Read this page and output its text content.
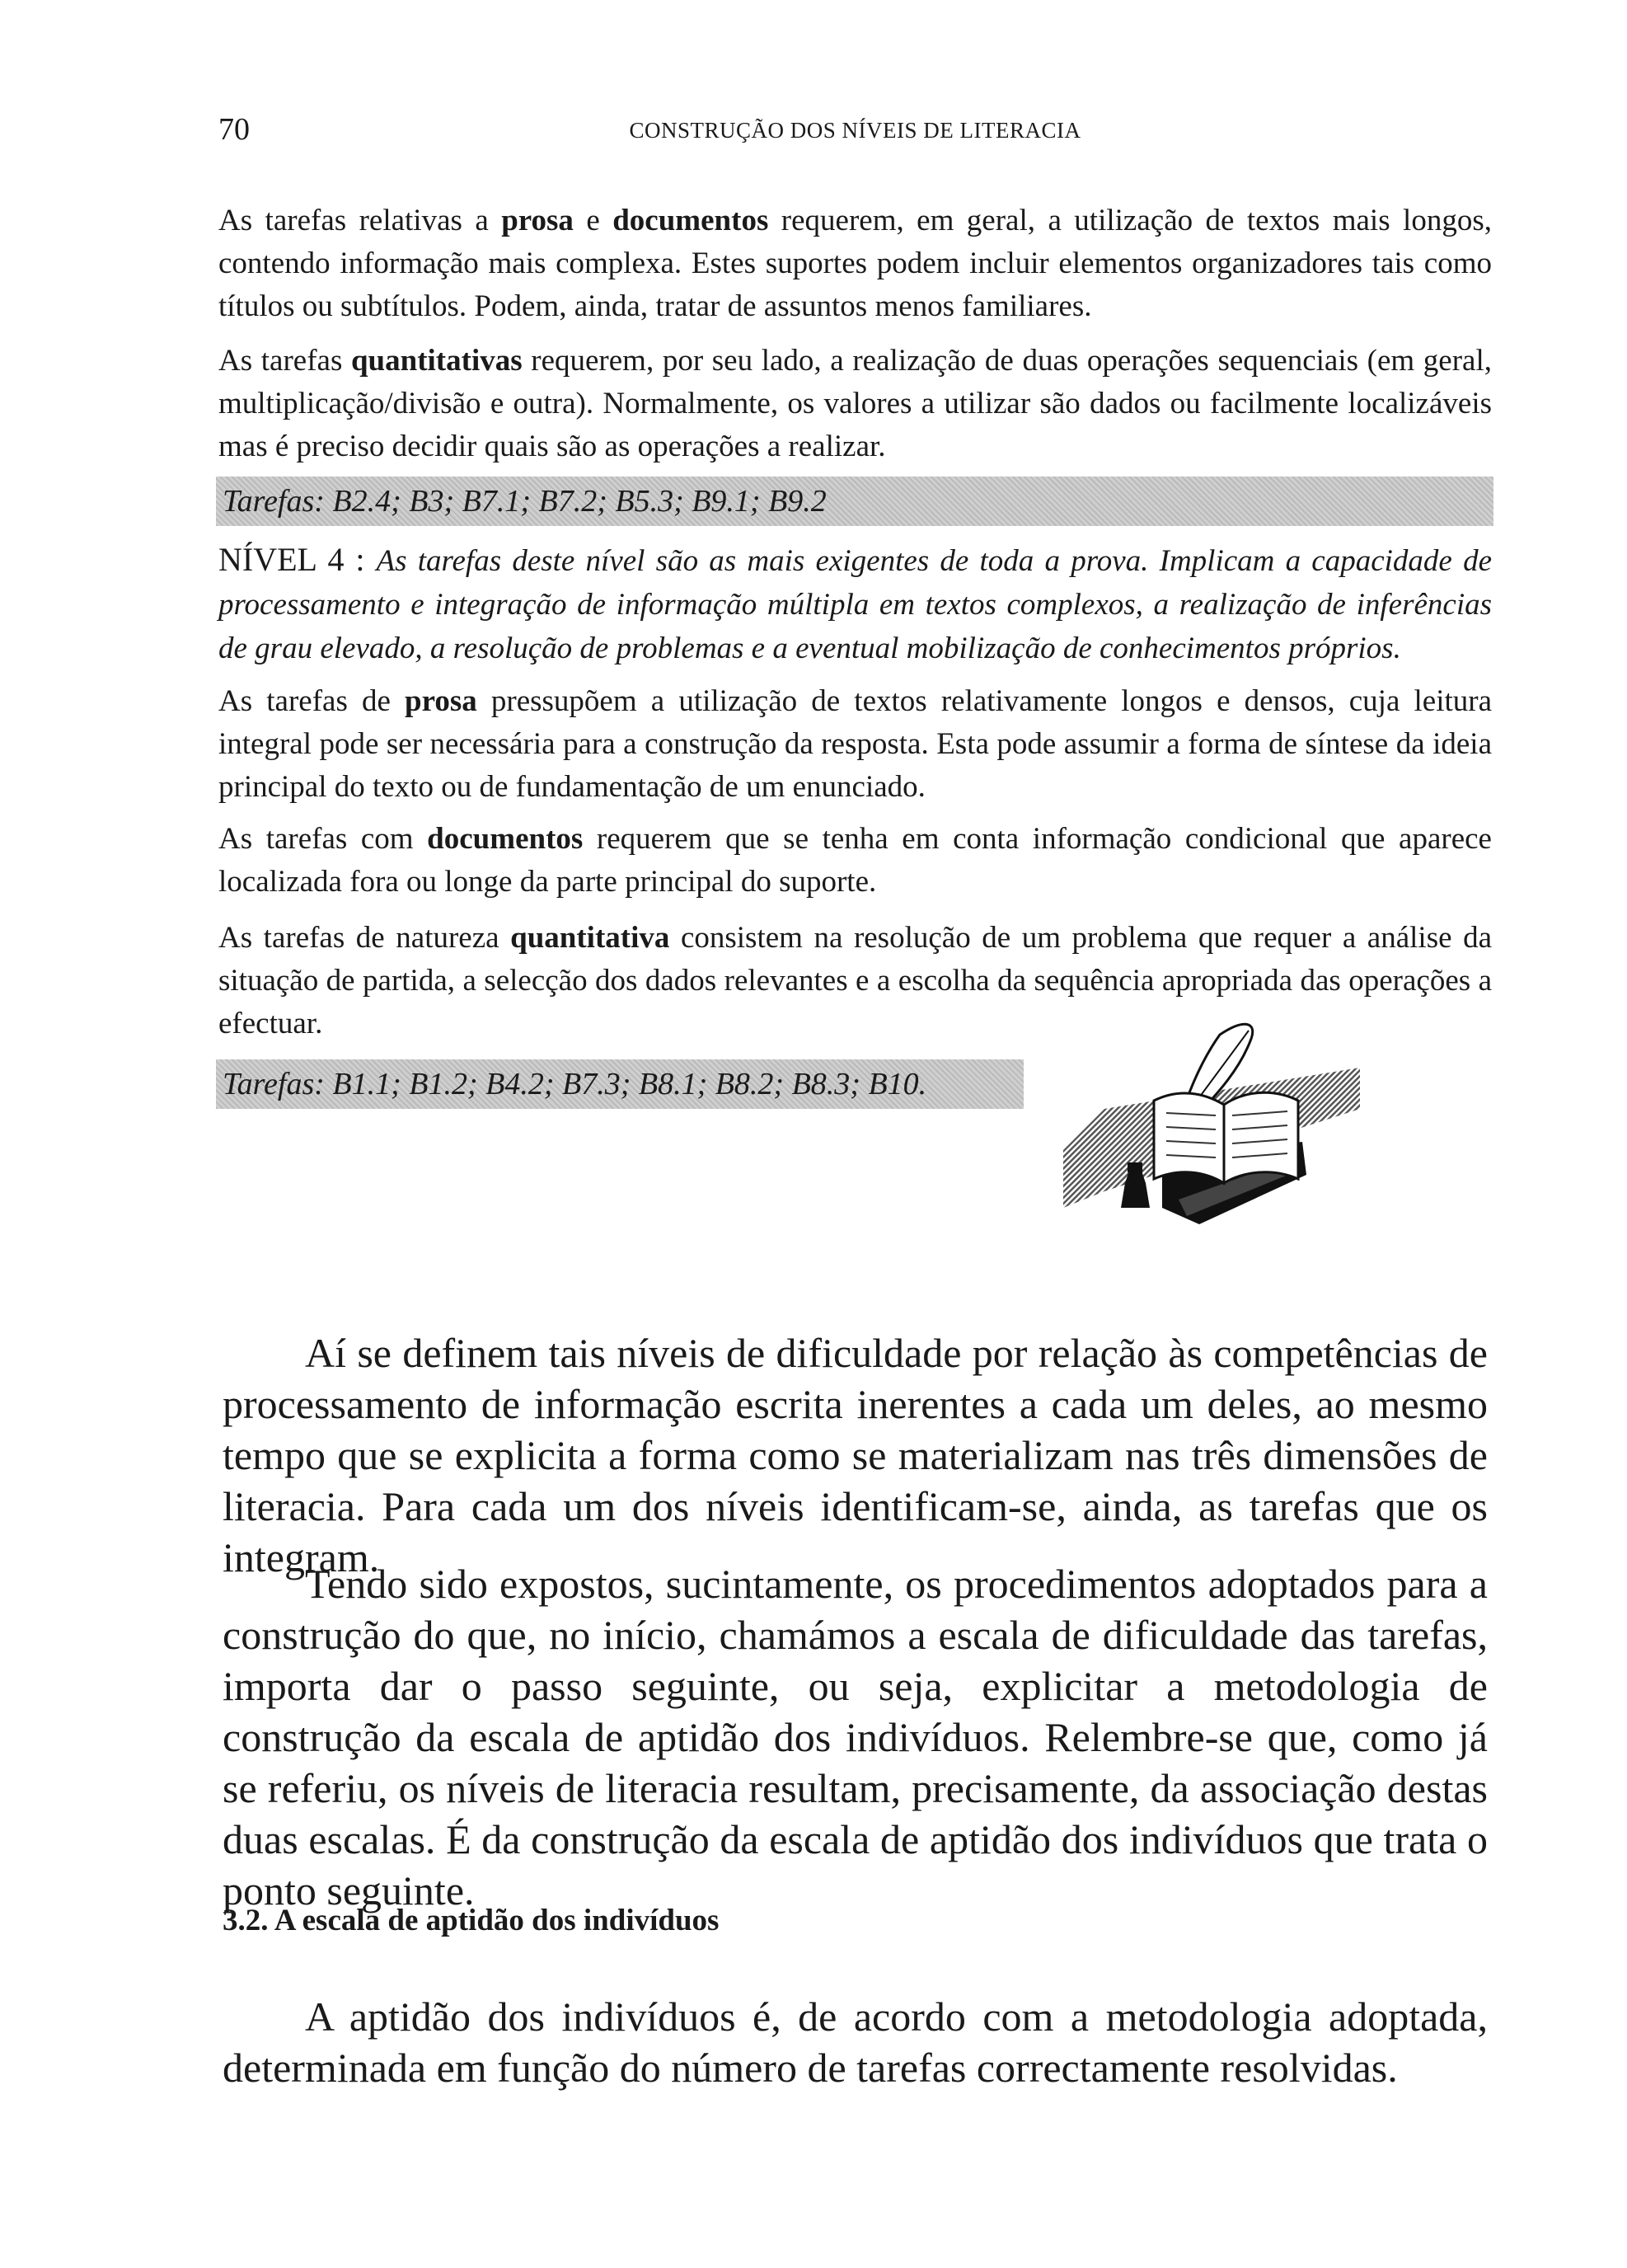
70	CONSTRUÇÃO DOS NÍVEIS DE LITERACIA

As tarefas relativas a prosa e documentos requerem, em geral, a utilização de textos mais longos, contendo informação mais complexa. Estes suportes podem incluir elementos organizadores tais como títulos ou subtítulos. Podem, ainda, tratar de assuntos menos familiares.

As tarefas quantitativas requerem, por seu lado, a realização de duas operações sequenciais (em geral, multiplicação/divisão e outra). Normalmente, os valores a utilizar são dados ou facilmente localizáveis mas é preciso decidir quais são as operações a realizar.

Tarefas: B2.4; B3; B7.1; B7.2; B5.3; B9.1; B9.2

NÍVEL 4 : As tarefas deste nível são as mais exigentes de toda a prova. Implicam a capacidade de processamento e integração de informação múltipla em textos complexos, a realização de inferências de grau elevado, a resolução de problemas e a eventual mobilização de conhecimentos próprios.

As tarefas de prosa pressupõem a utilização de textos relativamente longos e densos, cuja leitura integral pode ser necessária para a construção da resposta. Esta pode assumir a forma de síntese da ideia principal do texto ou de fundamentação de um enunciado.

As tarefas com documentos requerem que se tenha em conta informação condicional que aparece localizada fora ou longe da parte principal do suporte.

As tarefas de natureza quantitativa consistem na resolução de um problema que requer a análise da situação de partida, a selecção dos dados relevantes e a escolha da sequência apropriada das operações a efectuar.

Tarefas: B1.1; B1.2; B4.2; B7.3; B8.1; B8.2; B8.3; B10.

Aí se definem tais níveis de dificuldade por relação às competências de processamento de informação escrita inerentes a cada um deles, ao mesmo tempo que se explicita a forma como se materializam nas três dimensões de literacia. Para cada um dos níveis identificam-se, ainda, as tarefas que os integram.

Tendo sido expostos, sucintamente, os procedimentos adoptados para a construção do que, no início, chamámos a escala de dificuldade das tarefas, importa dar o passo seguinte, ou seja, explicitar a metodologia de construção da escala de aptidão dos indivíduos. Relembre-se que, como já se referiu, os níveis de literacia resultam, precisamente, da associação destas duas escalas. É da construção da escala de aptidão dos indivíduos que trata o ponto seguinte.

3.2. A escala de aptidão dos indivíduos

A aptidão dos indivíduos é, de acordo com a metodologia adoptada, determinada em função do número de tarefas correctamente resolvidas.
